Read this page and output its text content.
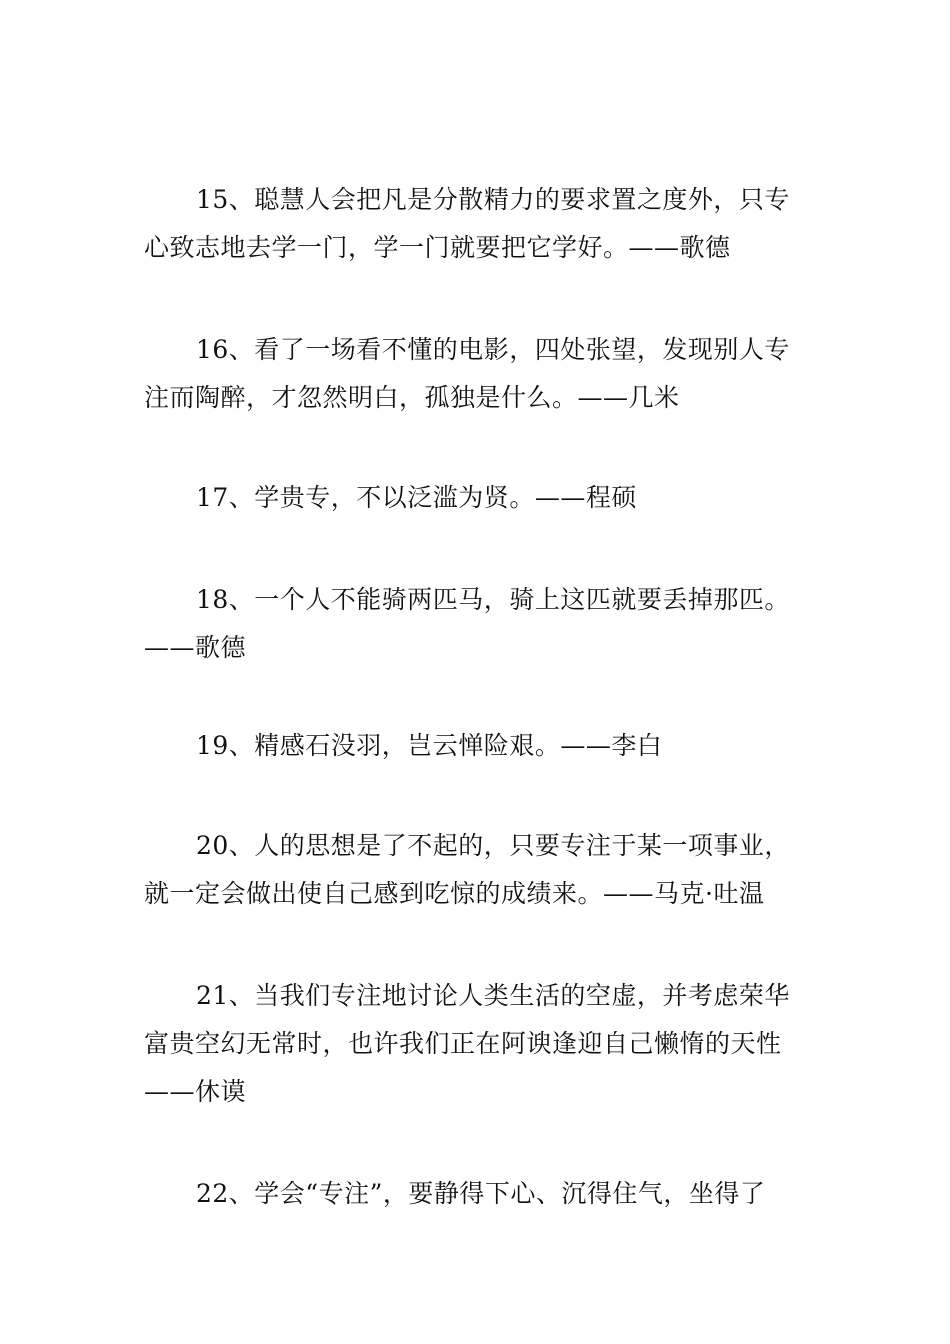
15、聪慧人会把凡是分散精力的要求置之度外，只专
心致志地去学一门，学一门就要把它学好。——歌德
16、看了一场看不懂的电影，四处张望，发现别人专
注而陶醉，才忽然明白，孤独是什么。——几米
17、学贵专，不以泛滥为贤。——程硕
18、一个人不能骑两匹马，骑上这匹就要丢掉那匹。
——歌德
19、精感石没羽，岂云惮险艰。——李白
20、人的思想是了不起的，只要专注于某一项事业，
就一定会做出使自己感到吃惊的成绩来。——马克·吐温
21、当我们专注地讨论人类生活的空虚，并考虑荣华
富贵空幻无常时，也许我们正在阿谀逢迎自己懒惰的天性
——休谟
22、学会“专注”，要静得下心、沉得住气，坐得了
